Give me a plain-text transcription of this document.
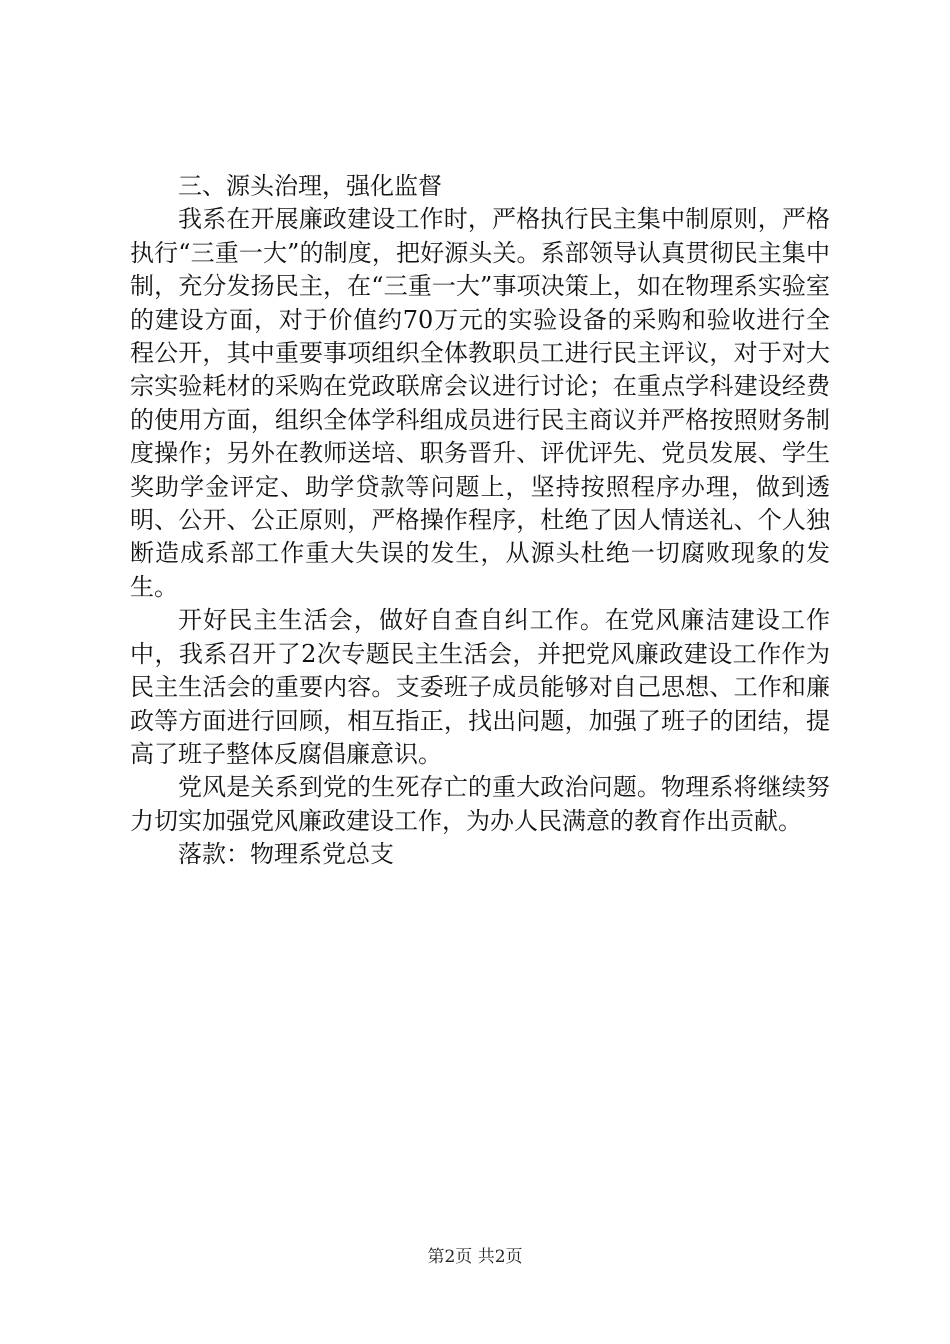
三、源头治理，强化监督

我系在开展廉政建设工作时，严格执行民主集中制原则，严格执行“三重一大”的制度，把好源头关。系部领导认真贯彻民主集中制，充分发扬民主，在“三重一大”事项决策上，如在物理系实验室的建设方面，对于价值约70万元的实验设备的采购和验收进行全程公开，其中重要事项组织全体教职员工进行民主评议，对于对大宗实验耗材的采购在党政联席会议进行讨论；在重点学科建设经费的使用方面，组织全体学科组成员进行民主商议并严格按照财务制度操作；另外在教师送培、职务晋升、评优评先、党员发展、学生奖助学金评定、助学贷款等问题上，坚持按照程序办理，做到透明、公开、公正原则，严格操作程序，杜绝了因人情送礼、个人独断造成系部工作重大失误的发生，从源头杜绝一切腐败现象的发生。

开好民主生活会，做好自查自纠工作。在党风廉洁建设工作中，我系召开了2次专题民主生活会，并把党风廉政建设工作作为民主生活会的重要内容。支委班子成员能够对自己思想、工作和廉政等方面进行回顾，相互指正，找出问题，加强了班子的团结，提高了班子整体反腐倡廉意识。

党风是关系到党的生死存亡的重大政治问题。物理系将继续努力切实加强党风廉政建设工作，为办人民满意的教育作出贡献。

落款：物理系党总支

第2页 共2页
